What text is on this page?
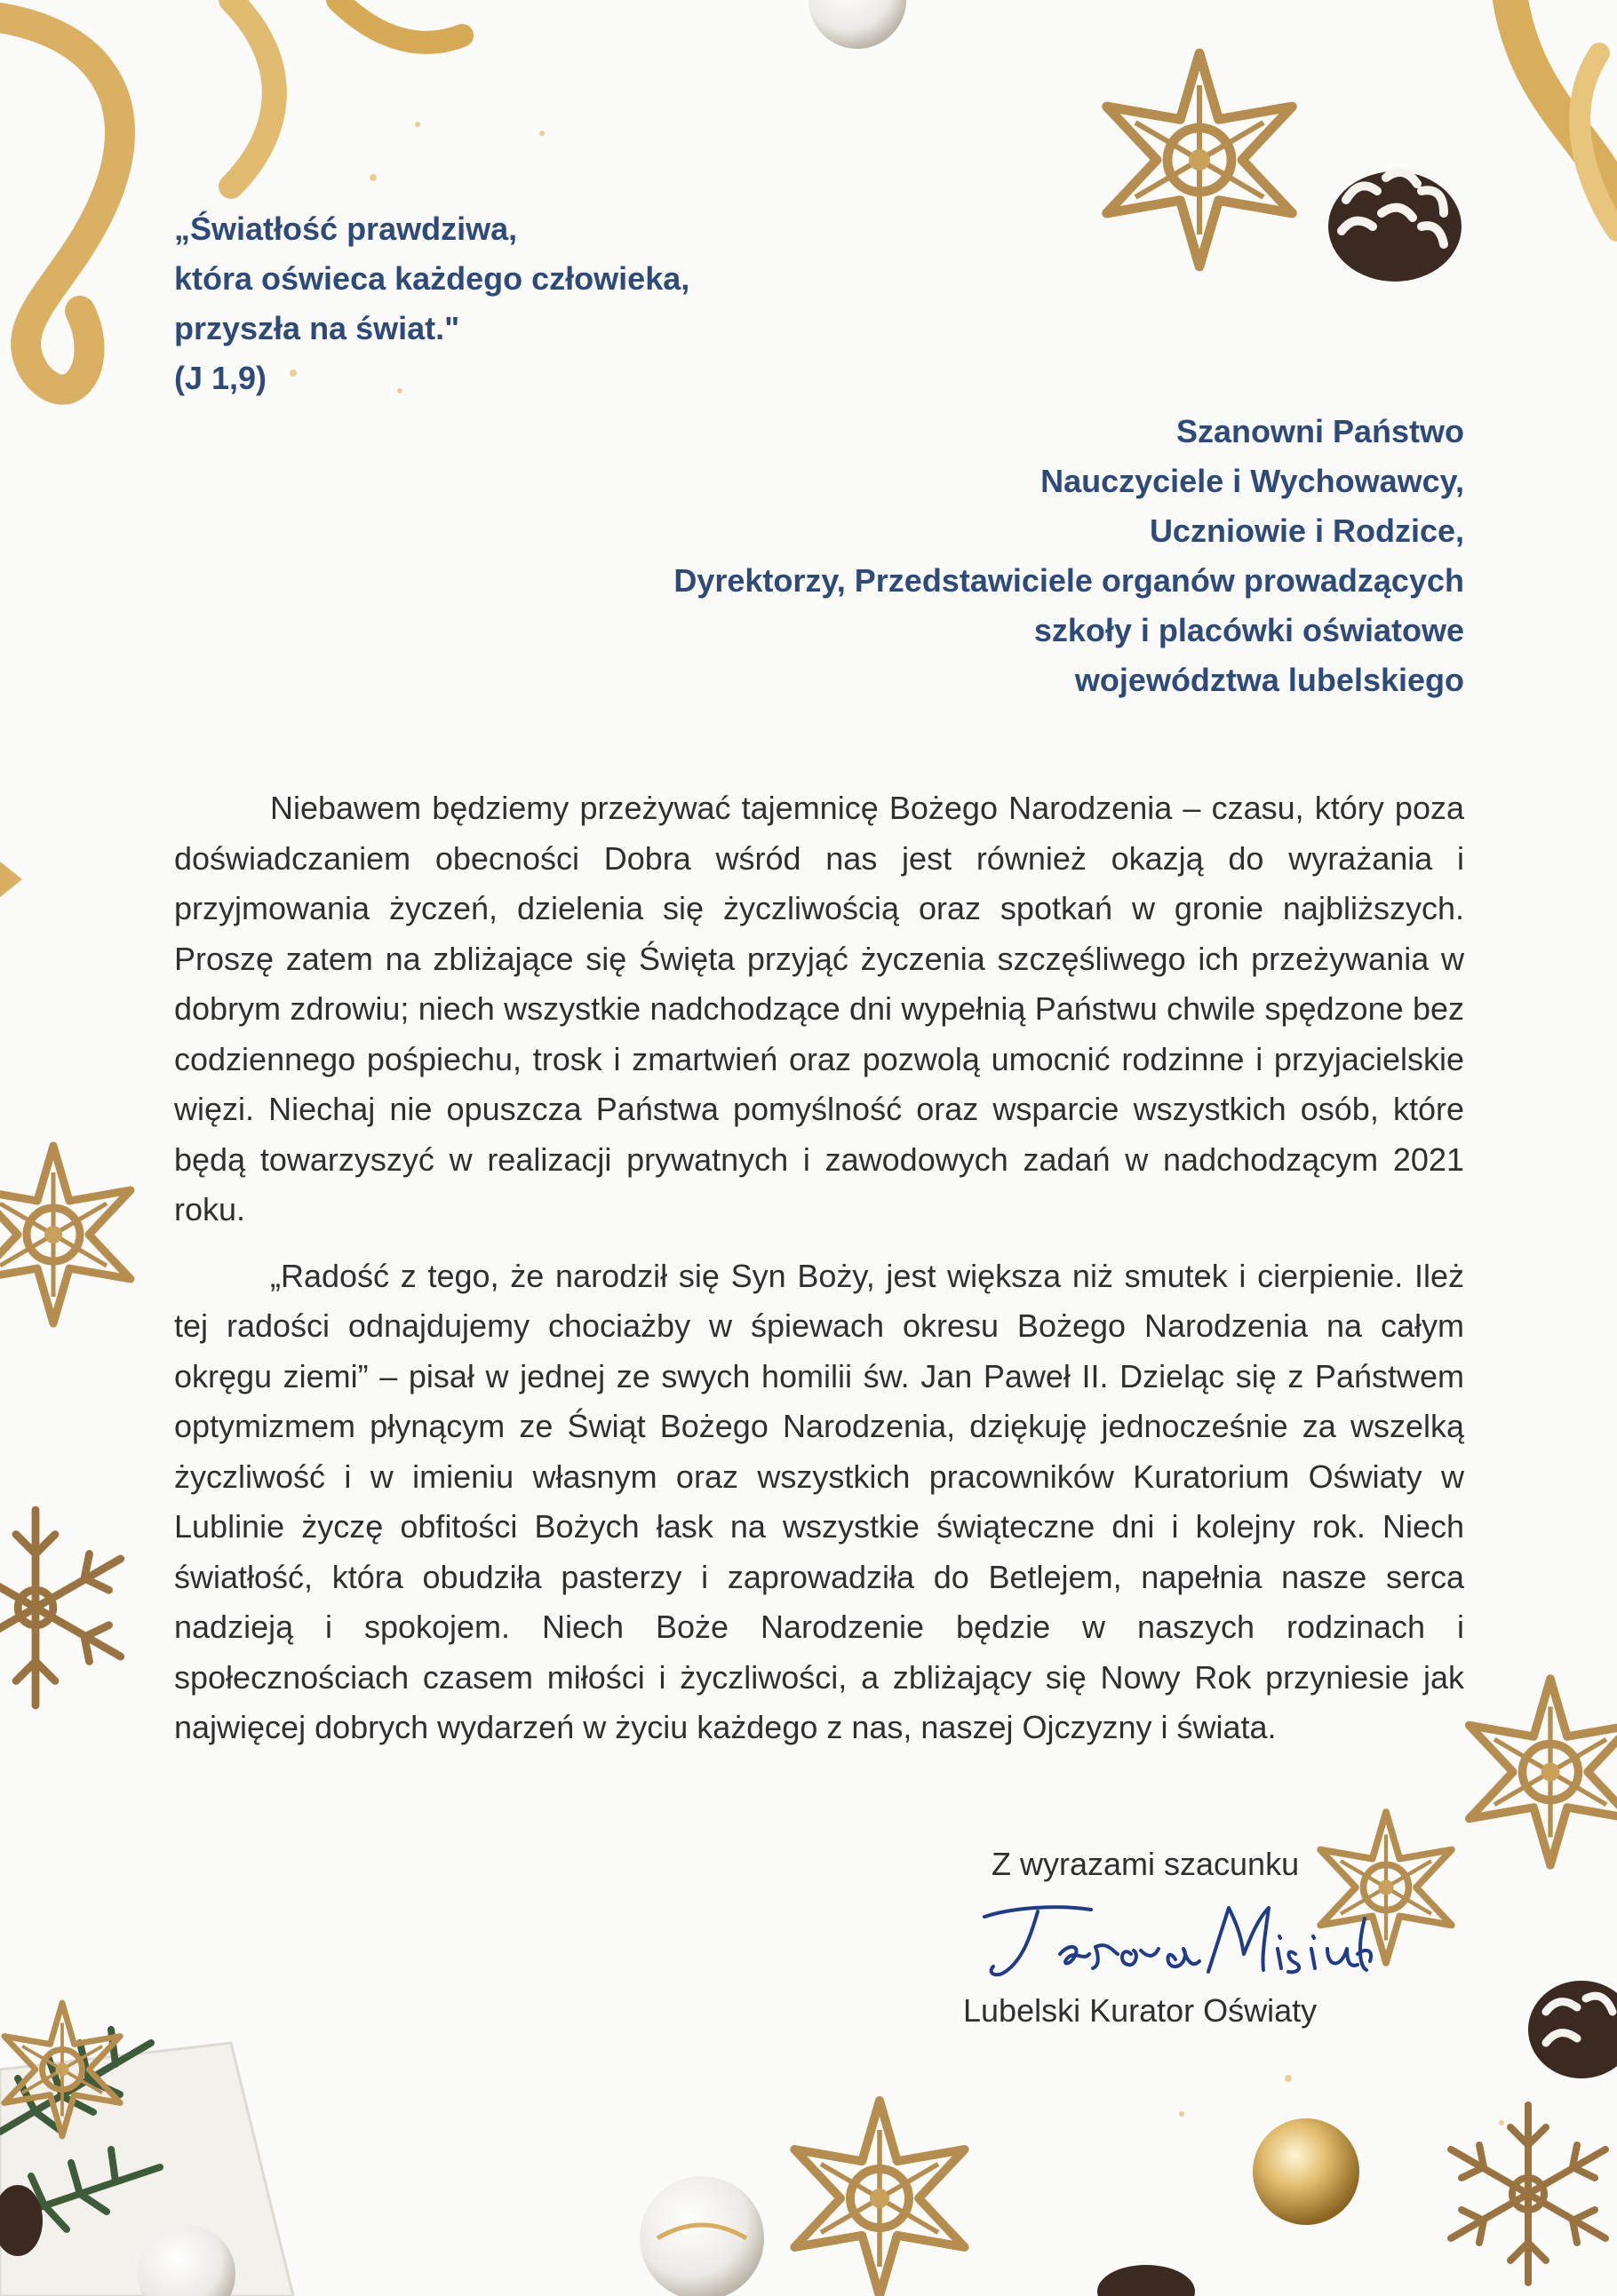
„Światłość prawdziwa,
która oświeca każdego człowieka,
przyszła na świat."
(J 1,9)
Szanowni Państwo
Nauczyciele i Wychowawcy,
Uczniowie i Rodzice,
Dyrektorzy, Przedstawiciele organów prowadzących
szkoły i placówki oświatowe
województwa lubelskiego

Niebawem będziemy przeżywać tajemnicę Bożego Narodzenia – czasu, który poza doświadczaniem obecności Dobra wśród nas jest również okazją do wyrażania i przyjmowania życzeń, dzielenia się życzliwością oraz spotkań w gronie najbliższych. Proszę zatem na zbliżające się Święta przyjąć życzenia szczęśliwego ich przeżywania w dobrym zdrowiu; niech wszystkie nadchodzące dni wypełnią Państwu chwile spędzone bez codziennego pośpiechu, trosk i zmartwień oraz pozwolą umocnić rodzinne i przyjacielskie więzi. Niechaj nie opuszcza Państwa pomyślność oraz wsparcie wszystkich osób, które będą towarzyszyć w realizacji prywatnych i zawodowych zadań w nadchodzącym 2021 roku.

„Radość z tego, że narodził się Syn Boży, jest większa niż smutek i cierpienie. Ileż tej radości odnajdujemy chociażby w śpiewach okresu Bożego Narodzenia na całym okręgu ziemi” – pisał w jednej ze swych homilii św. Jan Paweł II. Dzieląc się z Państwem optymizmem płynącym ze Świąt Bożego Narodzenia, dziękuję jednocześnie za wszelką życzliwość i w imieniu własnym oraz wszystkich pracowników Kuratorium Oświaty w Lublinie życzę obfitości Bożych łask na wszystkie świąteczne dni i kolejny rok. Niech światłość, która obudziła pasterzy i zaprowadziła do Betlejem, napełnia nasze serca nadzieją i spokojem. Niech Boże Narodzenie będzie w naszych rodzinach i społecznościach czasem miłości i życzliwości, a zbliżający się Nowy Rok przyniesie jak najwięcej dobrych wydarzeń w życiu każdego z nas, naszej Ojczyzny i świata.

Z wyrazami szacunku
Lubelski Kurator Oświaty
